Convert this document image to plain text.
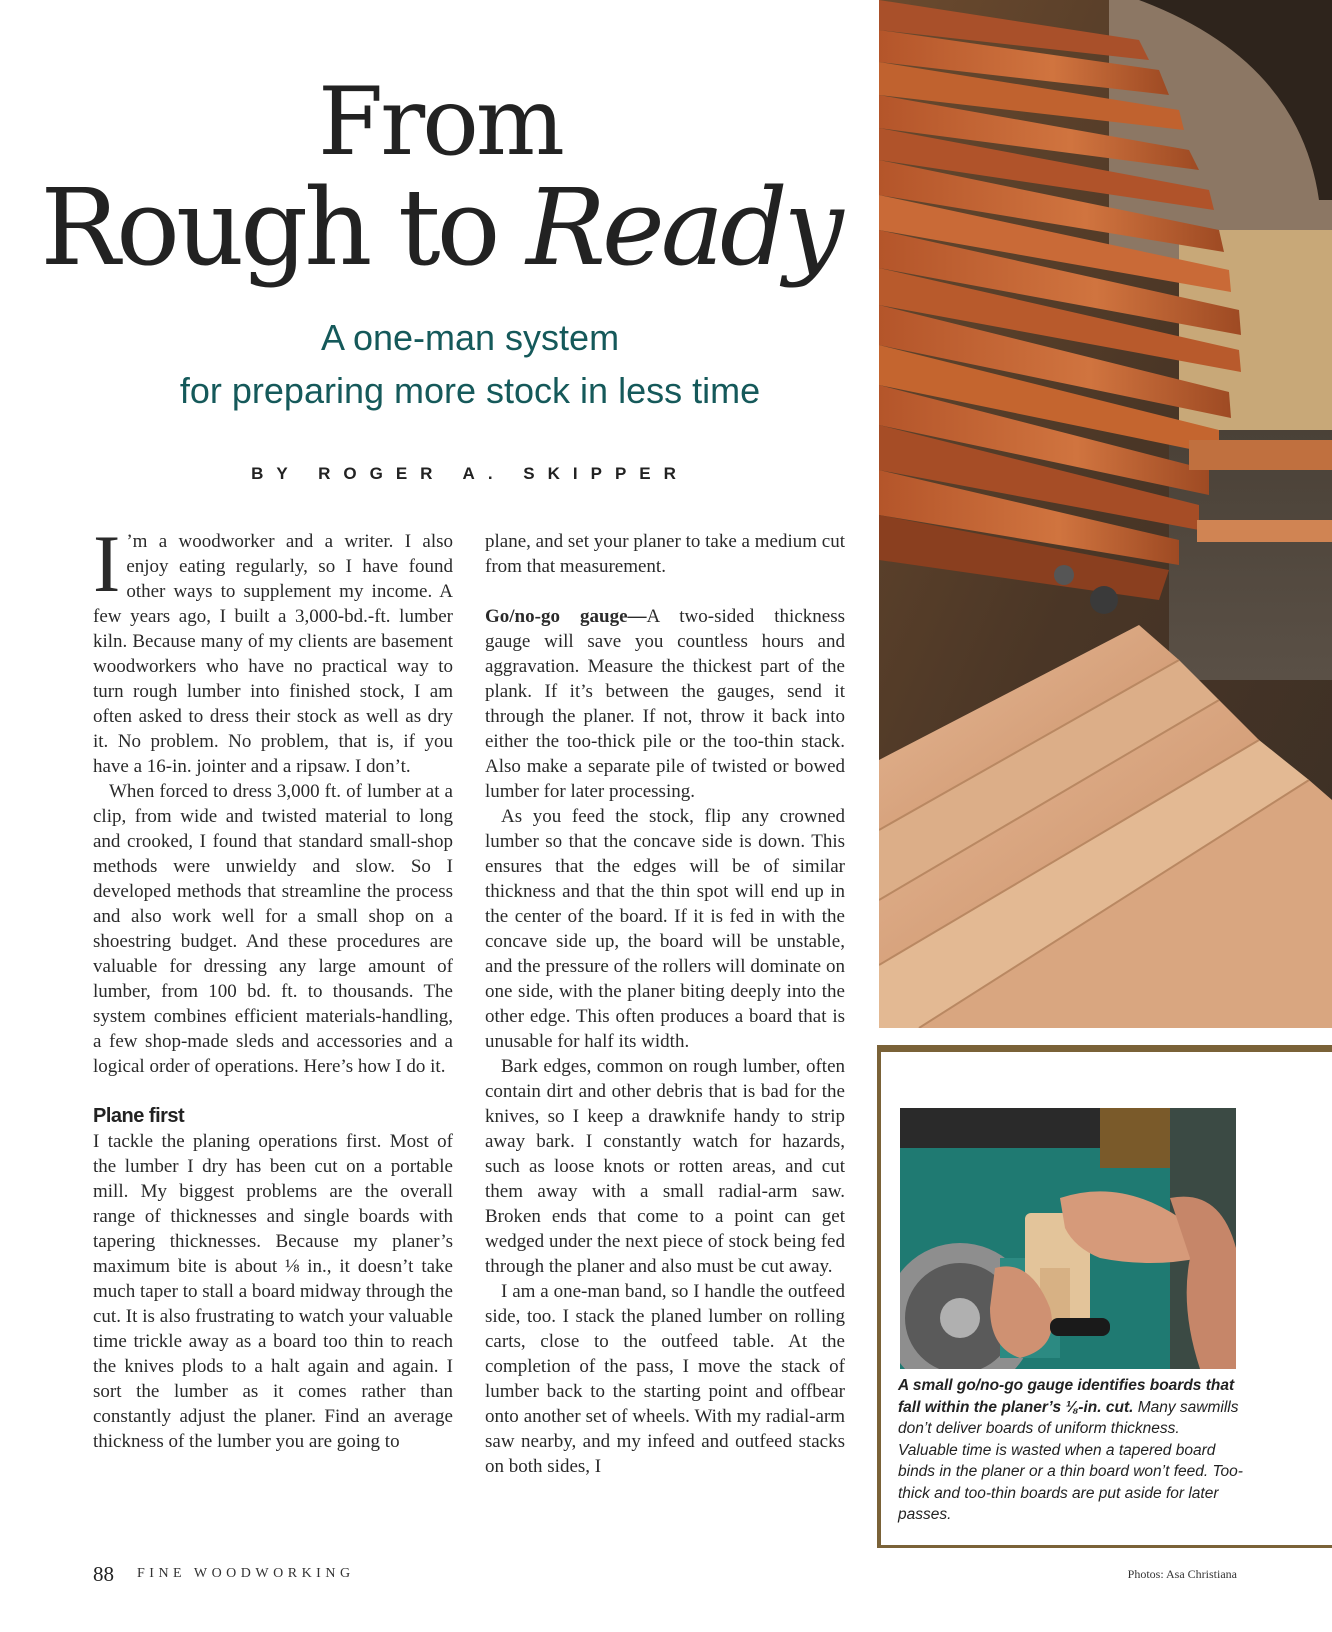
From
Rough to Ready
A one-man system
for preparing more stock in less time
BY ROGER A. SKIPPER

I ’m a woodworker and a writer. I also enjoy eating regularly, so I have found other ways to supplement my income. A few years ago, I built a 3,000-bd.-ft. lumber kiln. Because many of my clients are basement woodworkers who have no practical way to turn rough lumber into finished stock, I am often asked to dress their stock as well as dry it. No problem. No problem, that is, if you have a 16-in. jointer and a ripsaw. I don’t.

When forced to dress 3,000 ft. of lumber at a clip, from wide and twisted material to long and crooked, I found that standard small-shop methods were unwieldy and slow. So I developed methods that streamline the process and also work well for a small shop on a shoestring budget. And these procedures are valuable for dressing any large amount of lumber, from 100 bd. ft. to thousands. The system combines efficient materials-handling, a few shop-made sleds and accessories and a logical order of operations. Here’s how I do it.

Plane first

I tackle the planing operations first. Most of the lumber I dry has been cut on a portable mill. My biggest problems are the overall range of thicknesses and single boards with tapering thicknesses. Because my planer’s maximum bite is about ⅛ in., it doesn’t take much taper to stall a board midway through the cut. It is also frustrating to watch your valuable time trickle away as a board too thin to reach the knives plods to a halt again and again. I sort the lumber as it comes rather than constantly adjust the planer. Find an average thickness of the lumber you are going to

plane, and set your planer to take a medium cut from that measurement.

Go/no-go gauge—A two-sided thickness gauge will save you countless hours and aggravation. Measure the thickest part of the plank. If it’s between the gauges, send it through the planer. If not, throw it back into either the too-thick pile or the too-thin stack. Also make a separate pile of twisted or bowed lumber for later processing.

As you feed the stock, flip any crowned lumber so that the concave side is down. This ensures that the edges will be of similar thickness and that the thin spot will end up in the center of the board. If it is fed in with the concave side up, the board will be unstable, and the pressure of the rollers will dominate on one side, with the planer biting deeply into the other edge. This often produces a board that is unusable for half its width.

Bark edges, common on rough lumber, often contain dirt and other debris that is bad for the knives, so I keep a drawknife handy to strip away bark. I constantly watch for hazards, such as loose knots or rotten areas, and cut them away with a small radial-arm saw. Broken ends that come to a point can get wedged under the next piece of stock being fed through the planer and also must be cut away.

I am a one-man band, so I handle the outfeed side, too. I stack the planed lumber on rolling carts, close to the outfeed table. At the completion of the pass, I move the stack of lumber back to the starting point and offbear onto another set of wheels. With my radial-arm saw nearby, and my infeed and outfeed stacks on both sides, I

A small go/no-go gauge identifies boards that fall within the planer’s ⅛-in. cut. Many sawmills don’t deliver boards of uniform thickness. Valuable time is wasted when a tapered board binds in the planer or a thin board won’t feed. Too-thick and too-thin boards are put aside for later passes.
88 FINE WOODWORKING	Photos: Asa Christiana
